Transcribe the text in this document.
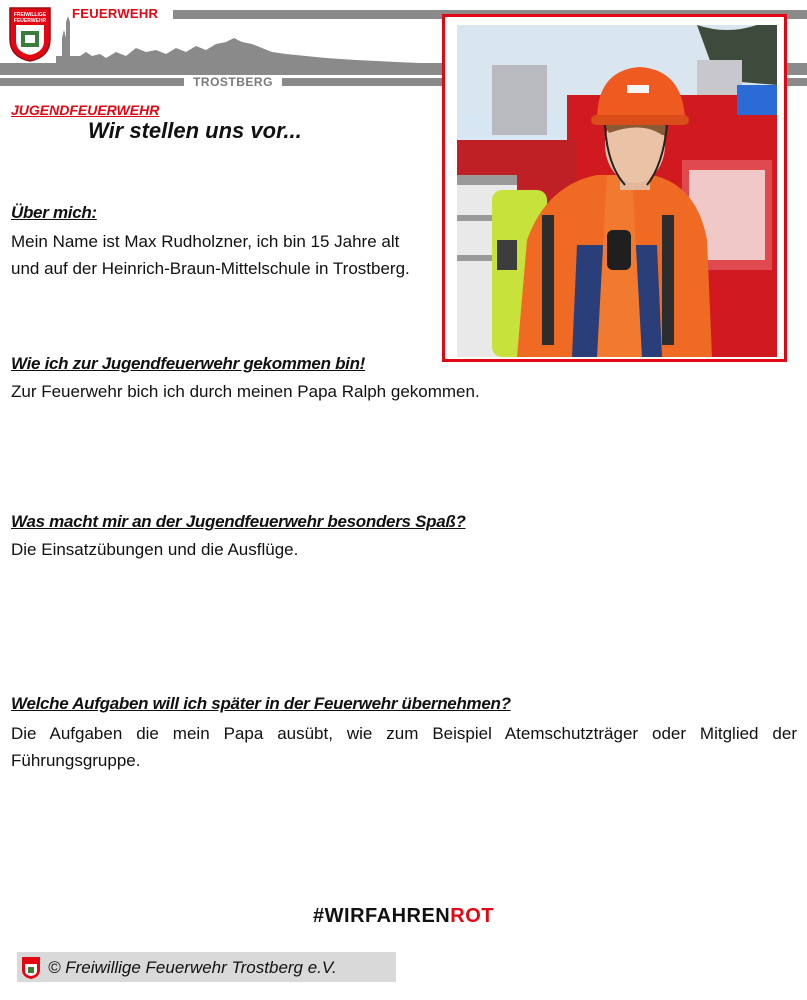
FEUERWEHR
FREIWILLIGE
FEUERWEHR
TROSTBERG
JUGENDFEUERWEHR
Wir stellen uns vor...
Über mich:
Mein Name ist Max Rudholzner, ich bin 15 Jahre alt und auf der Heinrich-Braun-Mittelschule in Trostberg.
Wie ich zur Jugendfeuerwehr gekommen bin!
Zur Feuerwehr bich ich durch meinen Papa Ralph gekommen.
Was macht mir an der Jugendfeuerwehr besonders Spaß?
Die Einsatzübungen und die Ausflüge.
Welche Aufgaben will ich später in der Feuerwehr übernehmen?
Die Aufgaben die mein Papa ausübt, wie zum Beispiel Atemschutzträger oder Mitglied der Führungsgruppe.
#WIRFAHRENROT
© Freiwillige Feuerwehr Trostberg e.V.
